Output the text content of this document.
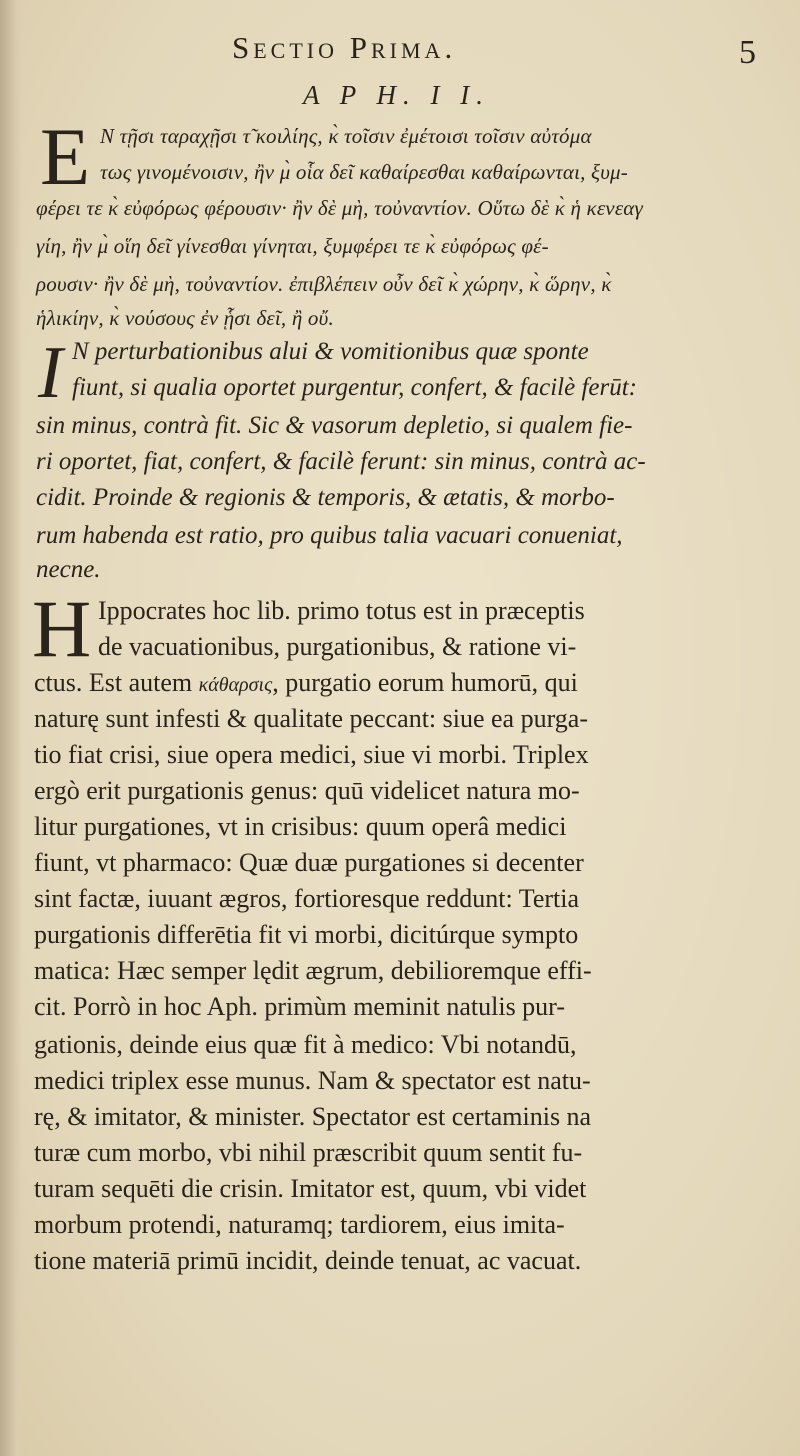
Sectio Prima.	5
A P H. I I.
E N τῇσι ταραχῇσι τ̃ κοιλίης, κ̀ τοῖσιν ἐμέτοισι τοῖσιν αὐτόμα
τως γινομένοισιν, ἢν μ̀ οἷα δεῖ καθαίρεσθαι καθαίρωνται, ξυμ-
φέρει τε κ̀ εὐφόρως φέρουσιν· ἢν δὲ μὴ, τοὐναντίον. Οὕτω δὲ κ̀ ἡ κενεαγ
γίη, ἢν μ̀ οἵη δεῖ γίνεσθαι γίνηται, ξυμφέρει τε κ̀ εὐφόρως φέ-
ρουσιν· ἢν δὲ μὴ, τοὐναντίον. ἐπιβλέπειν οὖν δεῖ κ̀ χώρην, κ̀ ὥρην, κ̀
ἡλικίην, κ̀ νούσους ἐν ᾗσι δεῖ, ἢ οὔ.
I N perturbationibus alui & vomitionibus quæ sponte
fiunt, si qualia oportet purgentur, confert, & facilè ferūt:
sin minus, contrà fit. Sic & vasorum depletio, si qualem fie-
ri oportet, fiat, confert, & facilè ferunt: sin minus, contrà ac-
cidit. Proinde & regionis & temporis, & ætatis, & morbo-
rum habenda est ratio, pro quibus talia vacuari conueniat,
necne.
H Ippocrates hoc lib. primo totus est in præceptis
de vacuationibus, purgationibus, & ratione vi-
ctus. Est autem κάθαρσις, purgatio eorum humorū, qui
naturę sunt infesti & qualitate peccant: siue ea purga-
tio fiat crisi, siue opera medici, siue vi morbi. Triplex
ergò erit purgationis genus: quū videlicet natura mo-
litur purgationes, vt in crisibus: quum operâ medici
fiunt, vt pharmaco: Quæ duæ purgationes si decenter
sint factæ, iuuant ægros, fortioresque reddunt: Tertia
purgationis differētia fit vi morbi, dicitúrque sympto
matica: Hæc semper lędit ægrum, debilioremque effi-
cit. Porrò in hoc Aph. primùm meminit natulis pur-
gationis, deinde eius quæ fit à medico: Vbi notandū,
medici triplex esse munus. Nam & spectator est natu-
rę, & imitator, & minister. Spectator est certaminis na
turæ cum morbo, vbi nihil præscribit quum sentit fu-
turam sequēti die crisin. Imitator est, quum, vbi videt
morbum protendi, naturamq; tardiorem, eius imita-
tione materiā primū incidit, deinde tenuat, ac vacuat.
